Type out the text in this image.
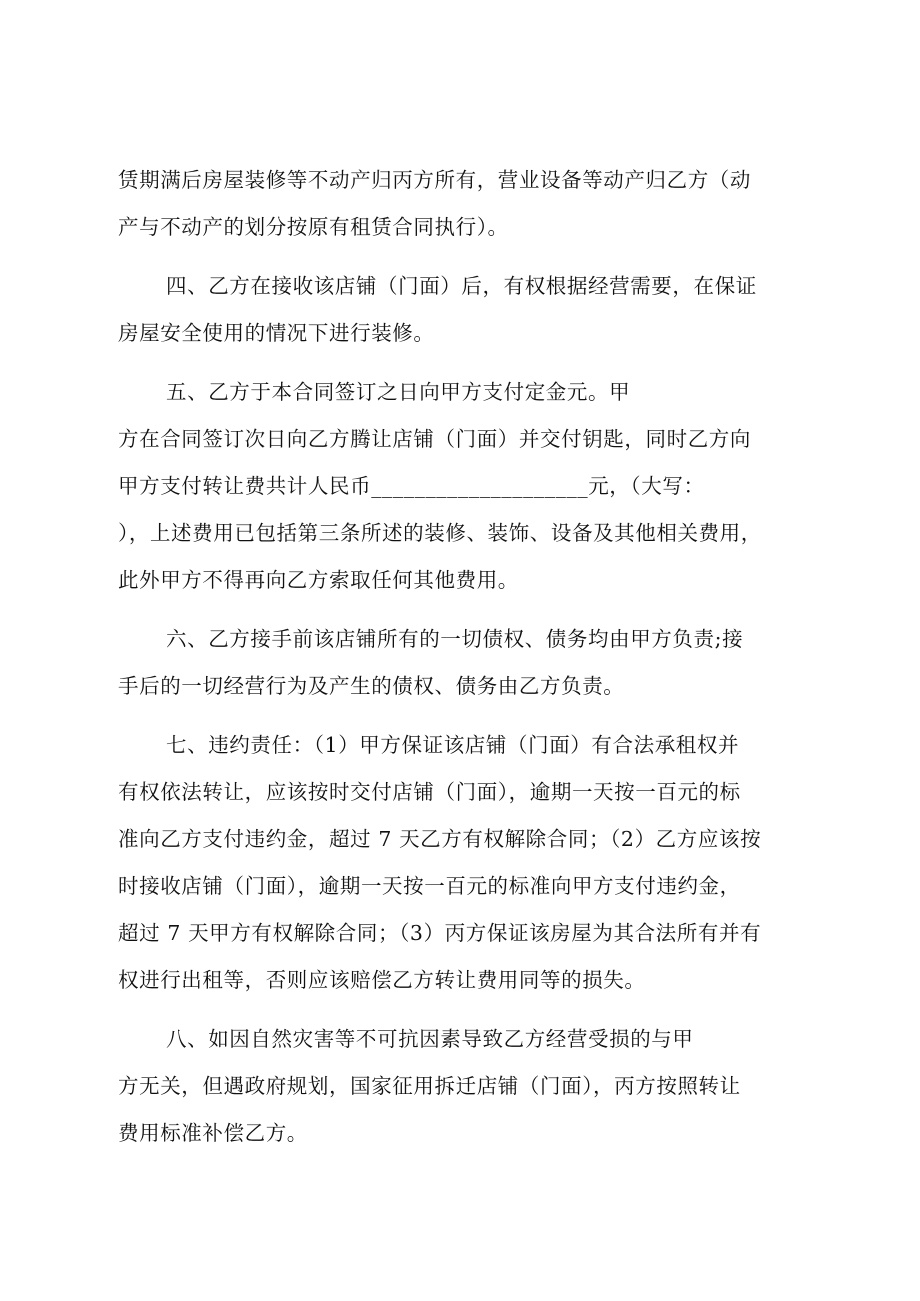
赁期满后房屋装修等不动产归丙方所有，营业设备等动产归乙方（动
产与不动产的划分按原有租赁合同执行）。
四、乙方在接收该店铺（门面）后，有权根据经营需要，在保证
房屋安全使用的情况下进行装修。
五、乙方于本合同签订之日向甲方支付定金元。甲
方在合同签订次日向乙方腾让店铺（门面）并交付钥匙，同时乙方向
甲方支付转让费共计人民币____________________元，（大写：
），上述费用已包括第三条所述的装修、装饰、设备及其他相关费用，
此外甲方不得再向乙方索取任何其他费用。
六、乙方接手前该店铺所有的一切债权、债务均由甲方负责;接
手后的一切经营行为及产生的债权、债务由乙方负责。
七、违约责任：（1）甲方保证该店铺（门面）有合法承租权并
有权依法转让，应该按时交付店铺（门面），逾期一天按一百元的标
准向乙方支付违约金，超过 7 天乙方有权解除合同；（2）乙方应该按
时接收店铺（门面），逾期一天按一百元的标准向甲方支付违约金，
超过 7 天甲方有权解除合同；（3）丙方保证该房屋为其合法所有并有
权进行出租等，否则应该赔偿乙方转让费用同等的损失。
八、如因自然灾害等不可抗因素导致乙方经营受损的与甲
方无关，但遇政府规划，国家征用拆迁店铺（门面），丙方按照转让
费用标准补偿乙方。
